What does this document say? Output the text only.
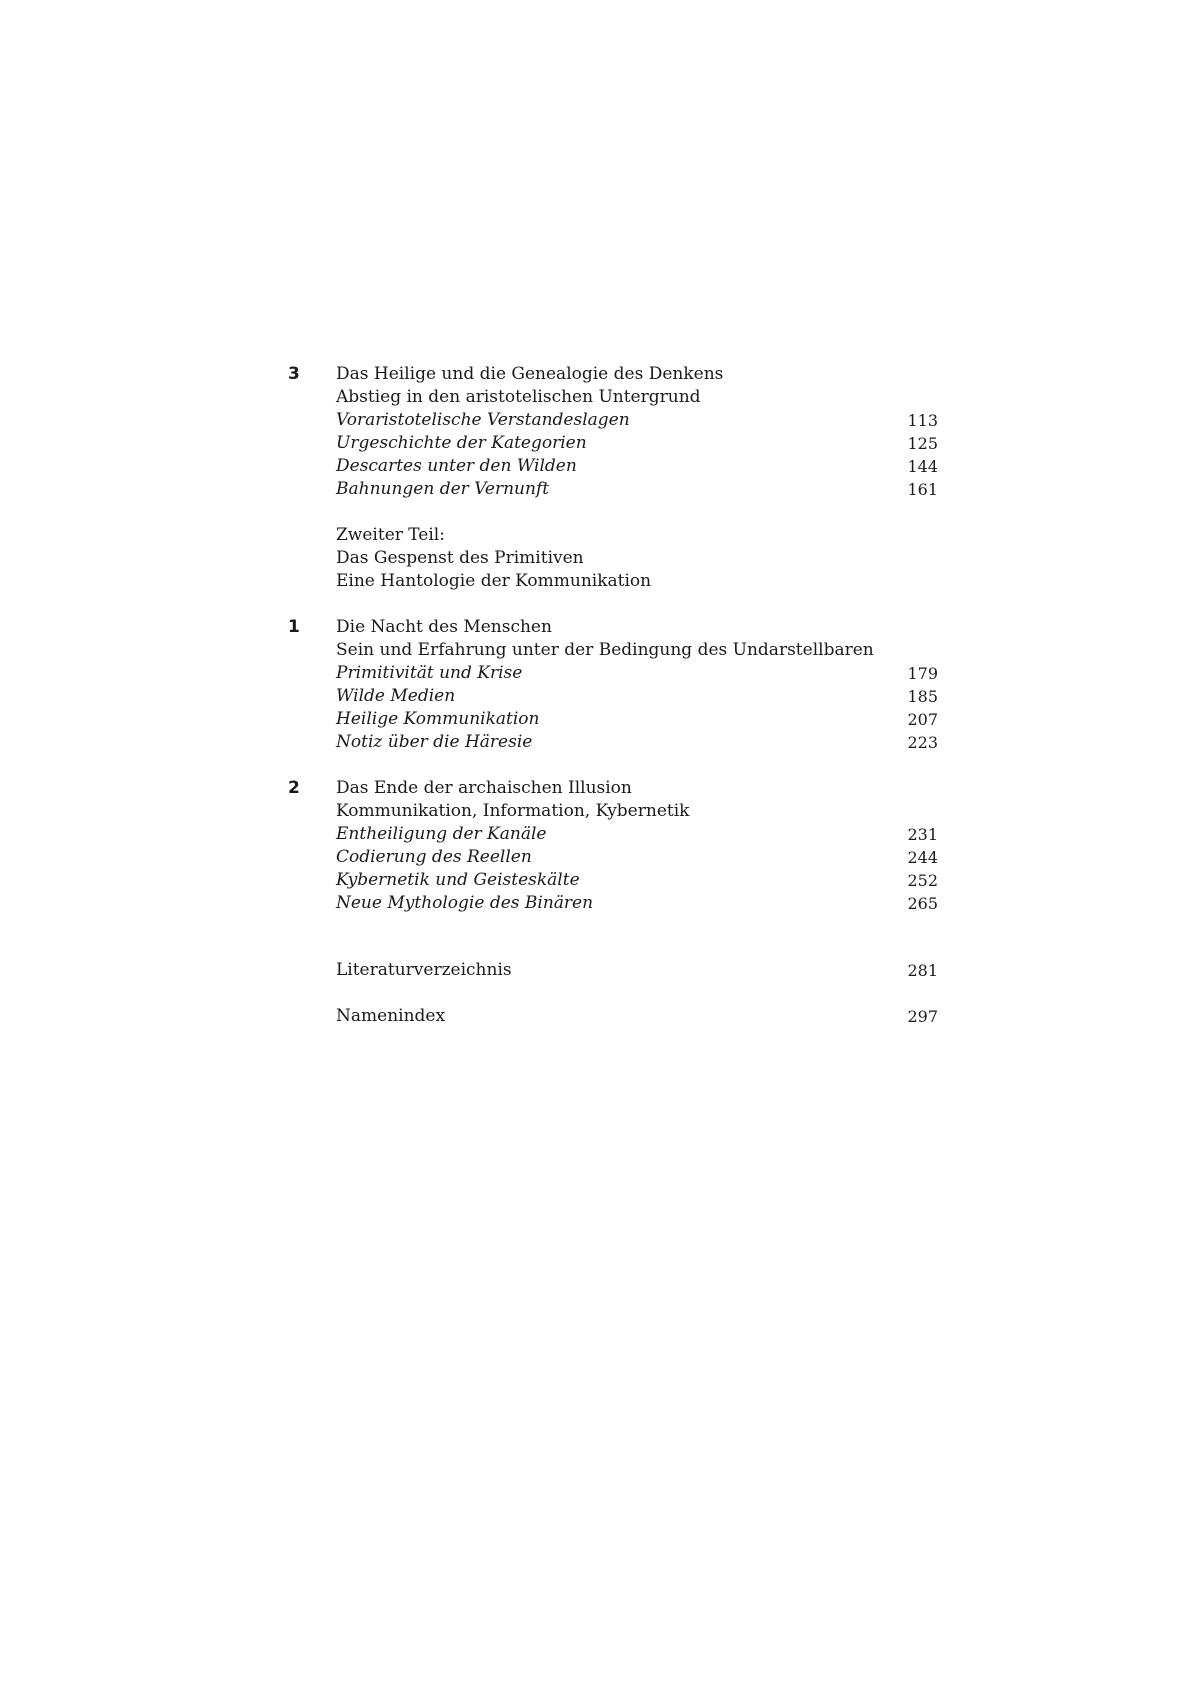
3 Das Heilige und die Genealogie des Denkens
Abstieg in den aristotelischen Untergrund
Voraristotelische Verstandeslagen	113
Urgeschichte der Kategorien	125
Descartes unter den Wilden	144
Bahnungen der Vernunft	161
Zweiter Teil:
Das Gespenst des Primitiven
Eine Hantologie der Kommunikation
1 Die Nacht des Menschen
Sein und Erfahrung unter der Bedingung des Undarstellbaren
Primitivität und Krise	179
Wilde Medien	185
Heilige Kommunikation	207
Notiz über die Häresie	223
2 Das Ende der archaischen Illusion
Kommunikation, Information, Kybernetik
Entheiligung der Kanäle	231
Codierung des Reellen	244
Kybernetik und Geisteskälte	252
Neue Mythologie des Binären	265
Literaturverzeichnis	281
Namenindex	297
